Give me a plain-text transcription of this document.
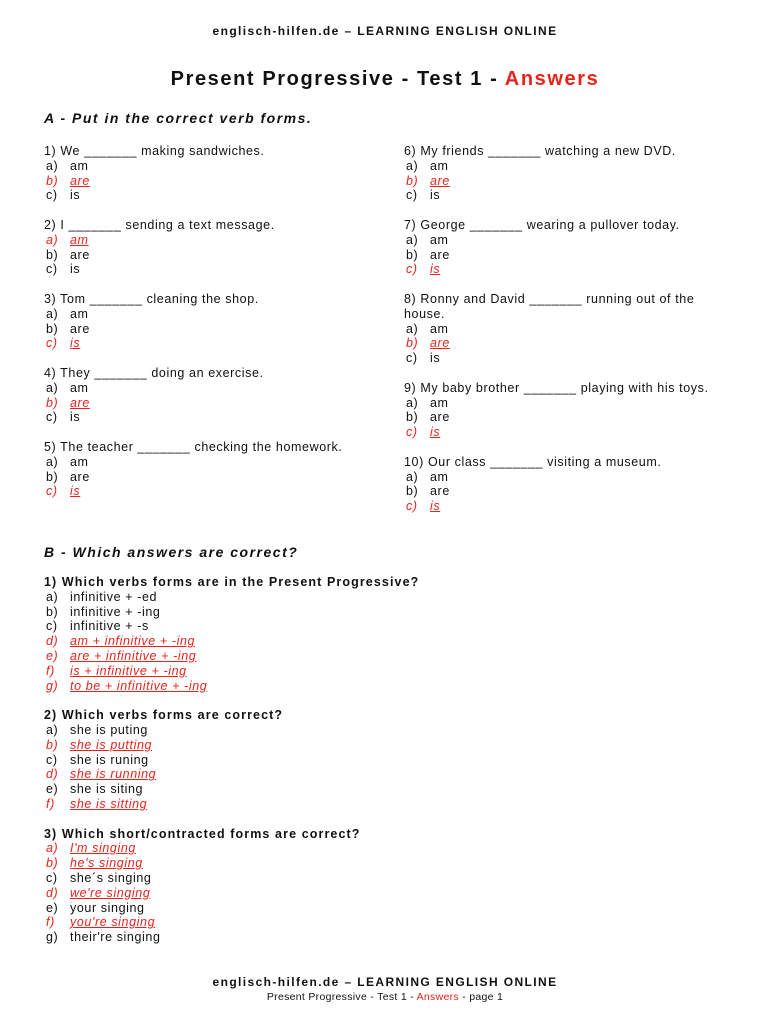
englisch-hilfen.de – LEARNING ENGLISH ONLINE
Present Progressive - Test 1 - Answers
A - Put in the correct verb forms.
1) We _______ making sandwiches.
a) am
b) are
c) is
2) I _______ sending a text message.
a) am
b) are
c) is
3) Tom _______ cleaning the shop.
a) am
b) are
c) is
4) They _______ doing an exercise.
a) am
b) are
c) is
5) The teacher _______ checking the homework.
a) am
b) are
c) is
6) My friends _______ watching a new DVD.
a) am
b) are
c) is
7) George _______ wearing a pullover today.
a) am
b) are
c) is
8) Ronny and David _______ running out of the house.
a) am
b) are
c) is
9) My baby brother _______ playing with his toys.
a) am
b) are
c) is
10) Our class _______ visiting a museum.
a) am
b) are
c) is
B - Which answers are correct?
1) Which verbs forms are in the Present Progressive?
a) infinitive + -ed
b) infinitive + -ing
c) infinitive + -s
d) am + infinitive + -ing
e) are + infinitive + -ing
f) is + infinitive + -ing
g) to be + infinitive + -ing
2) Which verbs forms are correct?
a) she is puting
b) she is putting
c) she is runing
d) she is running
e) she is siting
f) she is sitting
3) Which short/contracted forms are correct?
a) I'm singing
b) he's singing
c) she´s singing
d) we're singing
e) your singing
f) you're singing
g) their're singing
englisch-hilfen.de – LEARNING ENGLISH ONLINE
Present Progressive - Test 1 - Answers - page 1
